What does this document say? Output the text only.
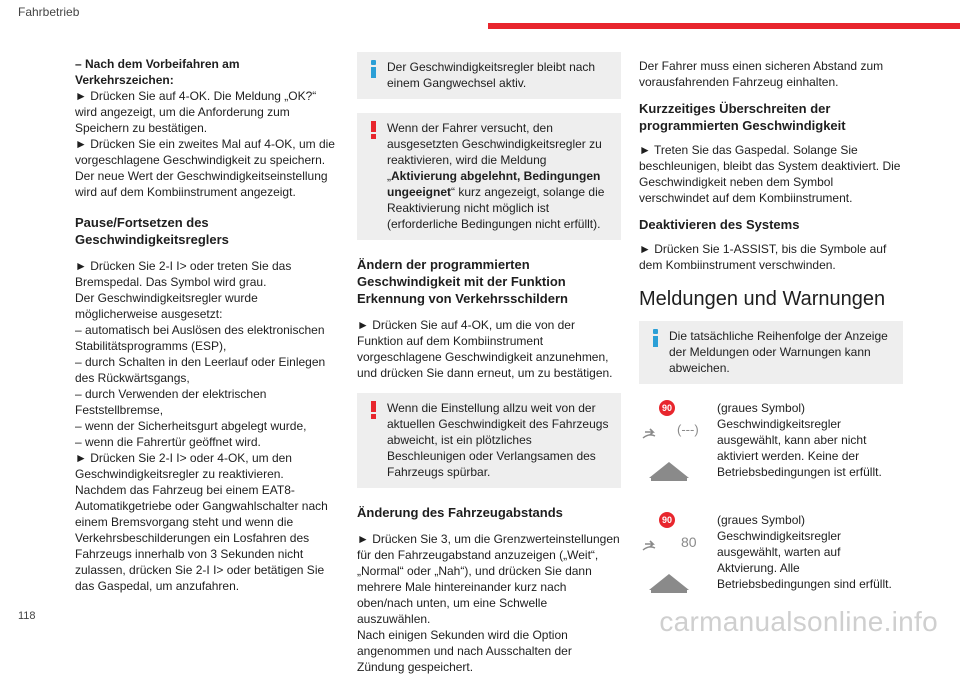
Fahrbetrieb

– Nach dem Vorbeifahren am Verkehrszeichen:

► Drücken Sie auf 4-OK. Die Meldung „OK?“ wird angezeigt, um die Anforderung zum Speichern zu bestätigen.

► Drücken Sie ein zweites Mal auf 4-OK, um die vorgeschlagene Geschwindigkeit zu speichern.

Der neue Wert der Geschwindigkeitseinstellung wird auf dem Kombiinstrument angezeigt.

Pause/Fortsetzen des Geschwindigkeitsreglers

► Drücken Sie 2-I I> oder treten Sie das Bremspedal. Das Symbol wird grau.

Der Geschwindigkeitsregler wurde möglicherweise ausgesetzt:

– automatisch bei Auslösen des elektronischen Stabilitätsprogramms (ESP),

– durch Schalten in den Leerlauf oder Einlegen des Rückwärtsgangs,

– durch Verwenden der elektrischen Feststellbremse,

– wenn der Sicherheitsgurt abgelegt wurde,

– wenn die Fahrertür geöffnet wird.

► Drücken Sie 2-I I> oder 4-OK, um den Geschwindigkeitsregler zu reaktivieren.

Nachdem das Fahrzeug bei einem EAT8-Automatikgetriebe oder Gangwahlschalter nach einem Bremsvorgang steht und wenn die Verkehrsbeschilderungen ein Losfahren des Fahrzeugs innerhalb von 3 Sekunden nicht zulassen, drücken Sie 2-I I> oder betätigen Sie das Gaspedal, um anzufahren.

Der Geschwindigkeitsregler bleibt nach einem Gangwechsel aktiv.
Wenn der Fahrer versucht, den ausgesetzten Geschwindigkeitsregler zu reaktivieren, wird die Meldung „Aktivierung abgelehnt, Bedingungen ungeeignet“ kurz angezeigt, solange die Reaktivierung nicht möglich ist (erforderliche Bedingungen nicht erfüllt).

Ändern der programmierten Geschwindigkeit mit der Funktion Erkennung von Verkehrsschildern

► Drücken Sie auf 4-OK, um die von der Funktion auf dem Kombiinstrument vorgeschlagene Geschwindigkeit anzunehmen, und drücken Sie dann erneut, um zu bestätigen.

Wenn die Einstellung allzu weit von der aktuellen Geschwindigkeit des Fahrzeugs abweicht, ist ein plötzliches Beschleunigen oder Verlangsamen des Fahrzeugs spürbar.

Änderung des Fahrzeugabstands

► Drücken Sie 3, um die Grenzwerteinstellungen für den Fahrzeugabstand anzuzeigen („Weit“, „Normal“ oder „Nah“), und drücken Sie dann mehrere Male hintereinander kurz nach oben/nach unten, um eine Schwelle auszuwählen.

Nach einigen Sekunden wird die Option angenommen und nach Ausschalten der Zündung gespeichert.

Der Fahrer muss einen sicheren Abstand zum vorausfahrenden Fahrzeug einhalten.

Kurzzeitiges Überschreiten der programmierten Geschwindigkeit

► Treten Sie das Gaspedal. Solange Sie beschleunigen, bleibt das System deaktiviert. Die Geschwindigkeit neben dem Symbol verschwindet auf dem Kombiinstrument.

Deaktivieren des Systems

► Drücken Sie 1-ASSIST, bis die Symbole auf dem Kombiinstrument verschwinden.

Meldungen und Warnungen

Die tatsächliche Reihenfolge der Anzeige der Meldungen oder Warnungen kann abweichen.
90
(---)
(graues Symbol) Geschwindigkeitsregler ausgewählt, kann aber nicht aktiviert werden. Keine der Betriebsbedingungen ist erfüllt.
90
80
(graues Symbol) Geschwindigkeitsregler ausgewählt, warten auf Aktvierung. Alle Betriebsbedingungen sind erfüllt.
118	carmanualsonline.info
